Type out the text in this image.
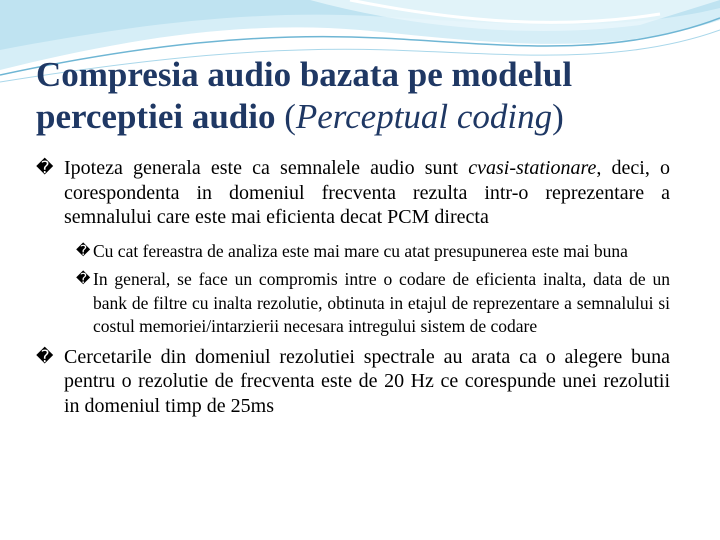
Compresia audio bazata pe modelul perceptiei audio (Perceptual coding)
� Ipoteza generala este ca semnalele audio sunt cvasi-stationare, deci, o corespondenta in domeniul frecventa rezulta intr-o reprezentare a semnalului care este mai eficienta decat PCM directa
� Cu cat fereastra de analiza este mai mare cu atat presupunerea este mai buna
� In general, se face un compromis intre o codare de eficienta inalta, data de un bank de filtre cu inalta rezolutie, obtinuta in etajul de reprezentare a semnalului si costul memoriei/intarzierii necesara intregului sistem de codare
� Cercetarile din domeniul rezolutiei spectrale au arata ca o alegere buna pentru o rezolutie de frecventa este de 20 Hz ce corespunde unei rezolutii in domeniul timp de 25ms
